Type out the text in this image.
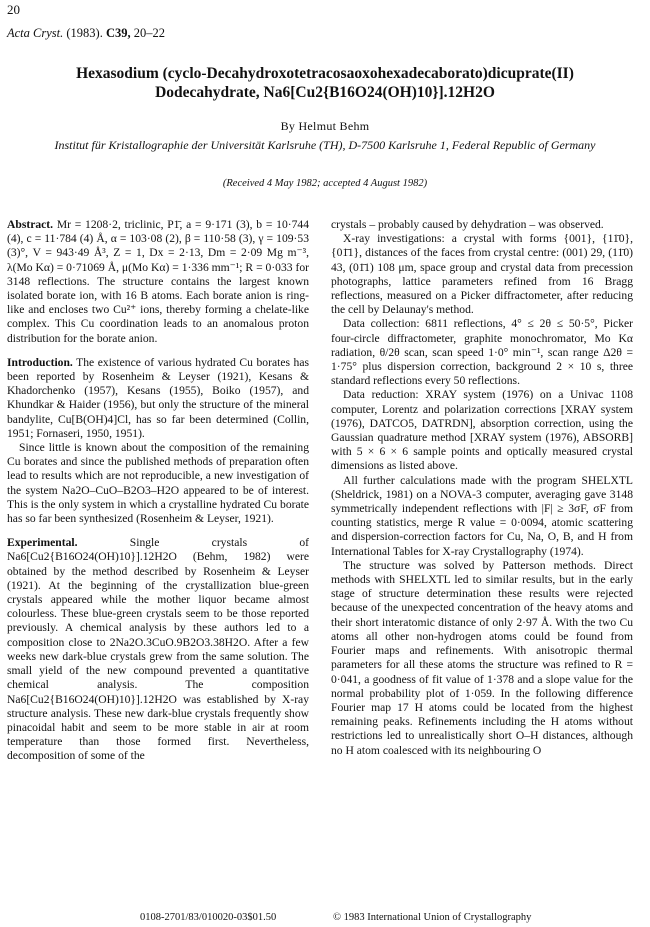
20
Acta Cryst. (1983). C39, 20–22
Hexasodium (cyclo-Decahydroxotetracosaoxohexadecaborato)dicuprate(II)
Dodecahydrate, Na6[Cu2{B16O24(OH)10}].12H2O
By Helmut Behm
Institut für Kristallographie der Universität Karlsruhe (TH), D-7500 Karlsruhe 1, Federal Republic of Germany
(Received 4 May 1982; accepted 4 August 1982)

Abstract. Mr = 1208·2, triclinic, P1̄, a = 9·171 (3), b = 10·744 (4), c = 11·784 (4) Å, α = 103·08 (2), β = 110·58 (3), γ = 109·53 (3)°, V = 943·49 Å³, Z = 1, Dx = 2·13, Dm = 2·09 Mg m⁻³, λ(Mo Kα) = 0·71069 Å, μ(Mo Kα) = 1·336 mm⁻¹; R = 0·033 for 3148 reflections. The structure contains the largest known isolated borate ion, with 16 B atoms. Each borate anion is ring-like and encloses two Cu²⁺ ions, thereby forming a chelate-like complex. This Cu coordination leads to an anomalous proton distribution for the borate anion.

Introduction. The existence of various hydrated Cu borates has been reported by Rosenheim & Leyser (1921), Kesans & Khadorchenko (1957), Kesans (1955), Boiko (1957), and Khundkar & Haider (1956), but only the structure of the mineral bandylite, Cu[B(OH)4]Cl, has so far been determined (Collin, 1951; Fornaseri, 1950, 1951).

Since little is known about the composition of the remaining Cu borates and since the published methods of preparation often lead to results which are not reproducible, a new investigation of the system Na2O–CuO–B2O3–H2O appeared to be of interest. This is the only system in which a crystalline hydrated Cu borate has so far been synthesized (Rosenheim & Leyser, 1921).

Experimental.	Single crystals of Na6[Cu2{B16O24(OH)10}].12H2O (Behm, 1982) were obtained by the method described by Rosenheim & Leyser (1921). At the beginning of the crystallization blue-green crystals appeared while the mother liquor became almost colourless. These blue-green crystals seem to be those reported previously. A chemical analysis by these authors led to a composition close to 2Na2O.3CuO.9B2O3.38H2O. After a few weeks new dark-blue crystals grew from the same solution. The small yield of the new compound prevented a quantitative chemical analysis. The composition Na6[Cu2{B16O24(OH)10}].12H2O was established by X-ray structure analysis. These new dark-blue crystals frequently show pinacoidal habit and seem to be more stable in air at room temperature than those formed first. Nevertheless, decomposition of some of the

crystals – probably caused by dehydration – was observed.

X-ray investigations: a crystal with forms {001}, {11̄0}, {01̄1}, distances of the faces from crystal centre: (001) 29, (11̄0) 43, (01̄1) 108 μm, space group and crystal data from precession photographs, lattice parameters refined from 16 Bragg reflections, measured on a Picker diffractometer, after reducing the cell by Delaunay's method.

Data collection: 6811 reflections, 4° ≤ 2θ ≤ 50·5°, Picker four-circle diffractometer, graphite monochromator, Mo Kα radiation, θ/2θ scan, scan speed 1·0° min⁻¹, scan range Δ2θ = 1·75° plus dispersion correction, background 2 × 10 s, three standard reflections every 50 reflections.

Data reduction: XRAY system (1976) on a Univac 1108 computer, Lorentz and polarization corrections [XRAY system (1976), DATCO5, DATRDN], absorption correction, using the Gaussian quadrature method [XRAY system (1976), ABSORB] with 5 × 6 × 6 sample points and optically measured crystal dimensions as listed above.

All further calculations made with the program SHELXTL (Sheldrick, 1981) on a NOVA-3 computer, averaging gave 3148 symmetrically independent reflections with |F| ≥ 3σF, σF from counting statistics, merge R value = 0·0094, atomic scattering and dispersion-correction factors for Cu, Na, O, B, and H from International Tables for X-ray Crystallography (1974).

The structure was solved by Patterson methods. Direct methods with SHELXTL led to similar results, but in the early stage of structure determination these results were rejected because of the unexpected concentration of the heavy atoms and their short interatomic distance of only 2·97 Å. With the two Cu atoms all other non-hydrogen atoms could be found from Fourier maps and refinements. With anisotropic thermal parameters for all these atoms the structure was refined to R = 0·041, a goodness of fit value of 1·378 and a slope value for the normal probability plot of 1·059. In the following difference Fourier map 17 H atoms could be located from the highest remaining peaks. Refinements including the H atoms without restrictions led to unrealistically short O–H distances, although no H atom coalesced with its neighbouring O

0108-2701/83/010020-03$01.50	© 1983 International Union of Crystallography
